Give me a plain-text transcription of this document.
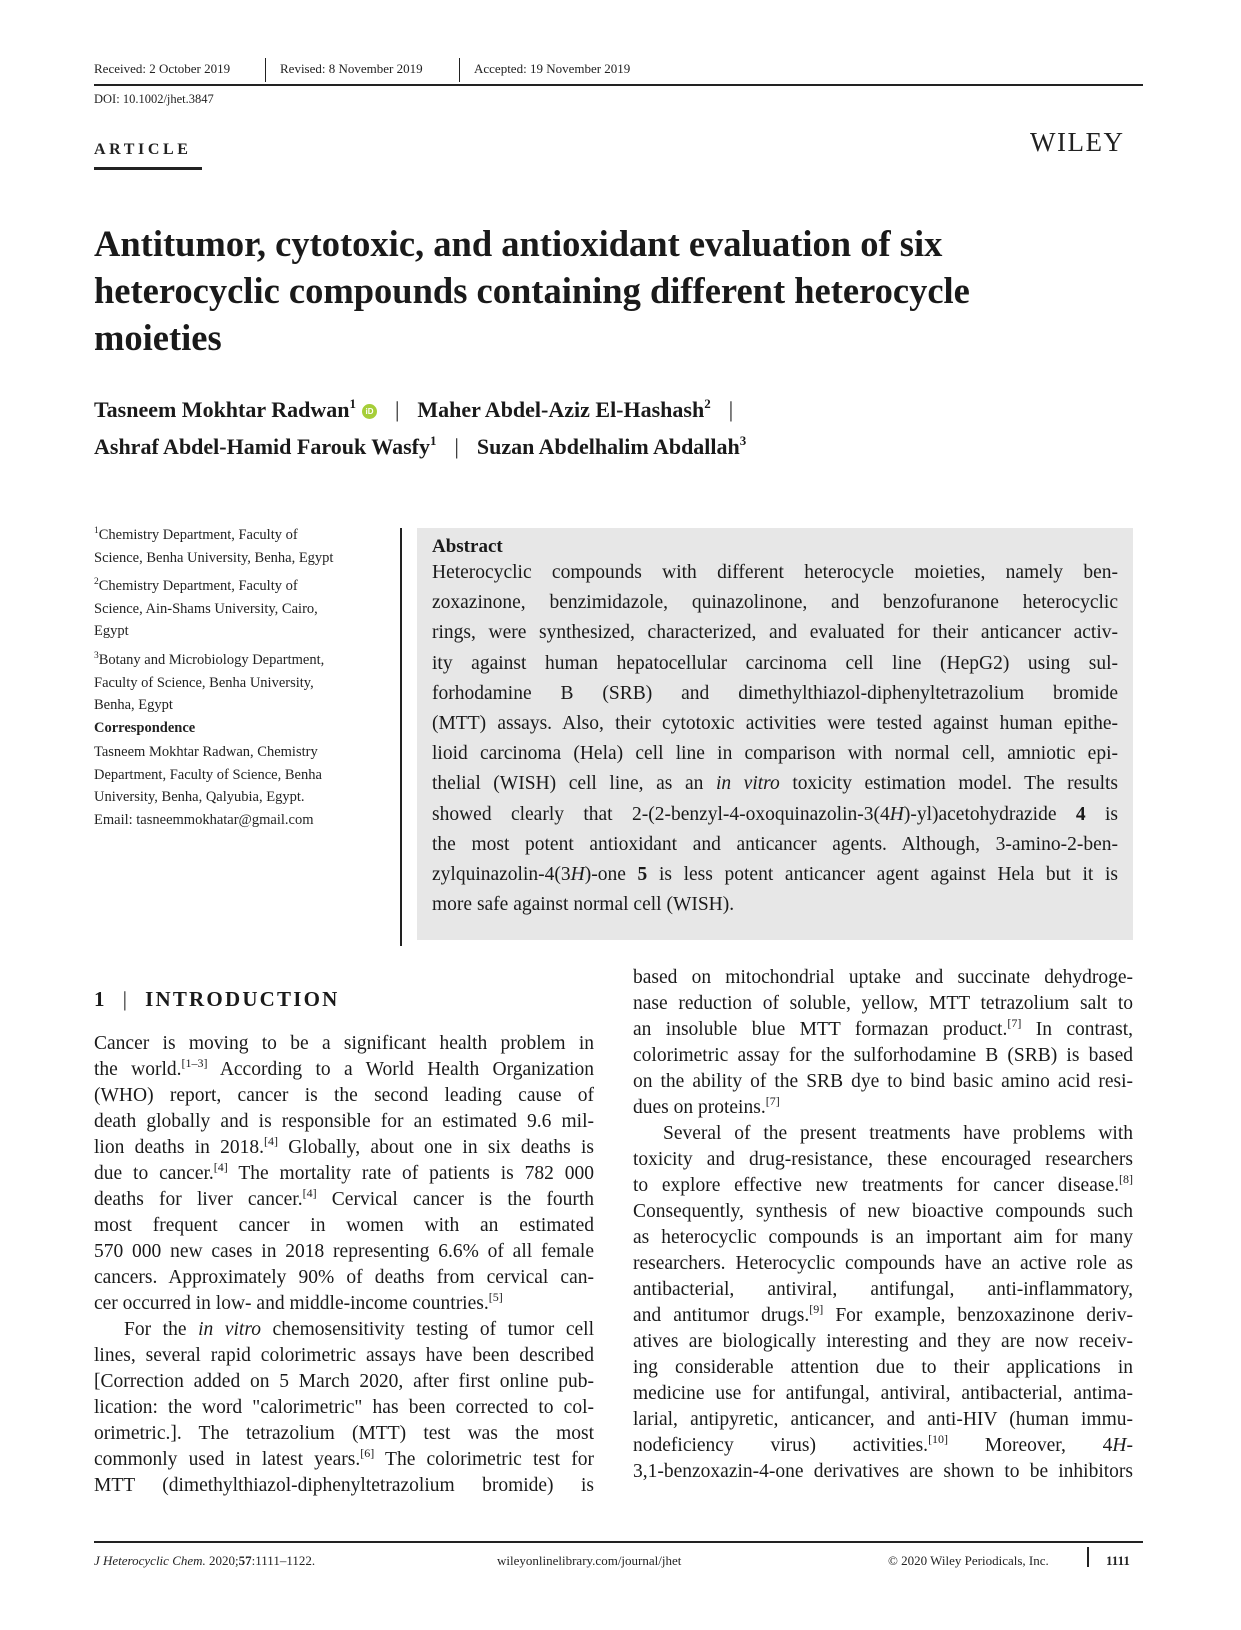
Received: 2 October 2019	Revised: 8 November 2019	Accepted: 19 November 2019
DOI: 10.1002/jhet.3847
ARTICLE	WILEY
Antitumor, cytotoxic, and antioxidant evaluation of six
heterocyclic compounds containing different heterocycle
moieties
Tasneem Mokhtar Radwan$^1$iD | Maher Abdel-Aziz El-Hashash$^2$ |
Ashraf Abdel-Hamid Farouk Wasfy$^1$ | Suzan Abdelhalim Abdallah$^3$
$^1$Chemistry Department, Faculty of
Science, Benha University, Benha, Egypt
$^2$Chemistry Department, Faculty of
Science, Ain-Shams University, Cairo,
Egypt
$^3$Botany and Microbiology Department,
Faculty of Science, Benha University,
Benha, Egypt
Correspondence
Tasneem Mokhtar Radwan, Chemistry
Department, Faculty of Science, Benha
University, Benha, Qalyubia, Egypt.
Email: tasneemmokhatar@gmail.com
Abstract
Heterocyclic compounds with different heterocycle moieties, namely ben-
zoxazinone, benzimidazole, quinazolinone, and benzofuranone heterocyclic
rings, were synthesized, characterized, and evaluated for their anticancer activ-
ity against human hepatocellular carcinoma cell line (HepG2) using sul-
forhodamine B (SRB) and dimethylthiazol-diphenyltetrazolium bromide
(MTT) assays. Also, their cytotoxic activities were tested against human epithe-
lioid carcinoma (Hela) cell line in comparison with normal cell, amniotic epi-
thelial (WISH) cell line, as an in vitro toxicity estimation model. The results
showed clearly that 2-(2-benzyl-4-oxoquinazolin-3(4H)-yl)acetohydrazide 4 is
the most potent antioxidant and anticancer agents. Although, 3-amino-2-ben-
zylquinazolin-4(3H)-one 5 is less potent anticancer agent against Hela but it is
more safe against normal cell (WISH).
1 | INTRODUCTION
Cancer is moving to be a significant health problem in
the world.[1–3] According to a World Health Organization
(WHO) report, cancer is the second leading cause of
death globally and is responsible for an estimated 9.6 mil-
lion deaths in 2018.[4] Globally, about one in six deaths is
due to cancer.[4] The mortality rate of patients is 782 000
deaths for liver cancer.[4] Cervical cancer is the fourth
most frequent cancer in women with an estimated
570 000 new cases in 2018 representing 6.6% of all female
cancers. Approximately 90% of deaths from cervical can-
cer occurred in low- and middle-income countries.[5]
For the in vitro chemosensitivity testing of tumor cell
lines, several rapid colorimetric assays have been described
[Correction added on 5 March 2020, after first online pub-
lication: the word "calorimetric" has been corrected to col-
orimetric.]. The tetrazolium (MTT) test was the most
commonly used in latest years.[6] The colorimetric test for
MTT (dimethylthiazol-diphenyltetrazolium bromide) is
based on mitochondrial uptake and succinate dehydroge-
nase reduction of soluble, yellow, MTT tetrazolium salt to
an insoluble blue MTT formazan product.[7] In contrast,
colorimetric assay for the sulforhodamine B (SRB) is based
on the ability of the SRB dye to bind basic amino acid resi-
dues on proteins.[7]
Several of the present treatments have problems with
toxicity and drug-resistance, these encouraged researchers
to explore effective new treatments for cancer disease.[8]
Consequently, synthesis of new bioactive compounds such
as heterocyclic compounds is an important aim for many
researchers. Heterocyclic compounds have an active role as
antibacterial, antiviral, antifungal, anti-inflammatory,
and antitumor drugs.[9] For example, benzoxazinone deriv-
atives are biologically interesting and they are now receiv-
ing considerable attention due to their applications in
medicine use for antifungal, antiviral, antibacterial, antima-
larial, antipyretic, anticancer, and anti-HIV (human immu-
nodeficiency virus) activities.[10] Moreover, 4H-
3,1-benzoxazin-4-one derivatives are shown to be inhibitors
J Heterocyclic Chem. 2020;57:1111–1122.	wileyonlinelibrary.com/journal/jhet	© 2020 Wiley Periodicals, Inc.	1111
